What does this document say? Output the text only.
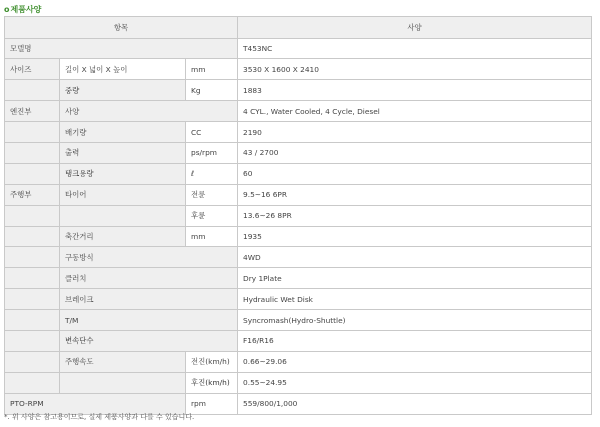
o제품사양
항목			사양
모델명			T453NC
사이즈	길이 X 넓이 X 높이	mm	3530 X 1600 X 2410
	중량	Kg	1883
엔진부	사양		4 CYL., Water Cooled, 4 Cycle, Diesel
	배기량	CC	2190
	출력	ps/rpm	43 / 2700
	탱크용량	ℓ	60
주행부	타이어	전륜	9.5~16 6PR
		후륜	13.6~26 8PR
	축간거리	mm	1935
	구동방식		4WD
	클러치		Dry 1Plate
	브레이크		Hydraulic Wet Disk
	T/M		Syncromash(Hydro-Shuttle)
	변속단수		F16/R16
	주행속도	전진(km/h)	0.66~29.06
		후진(km/h)	0.55~24.95
PTO-RPM		rpm	559/800/1,000
*. 위 사양은 참고용이므로, 실제 제품사양과 다를 수 있습니다.
